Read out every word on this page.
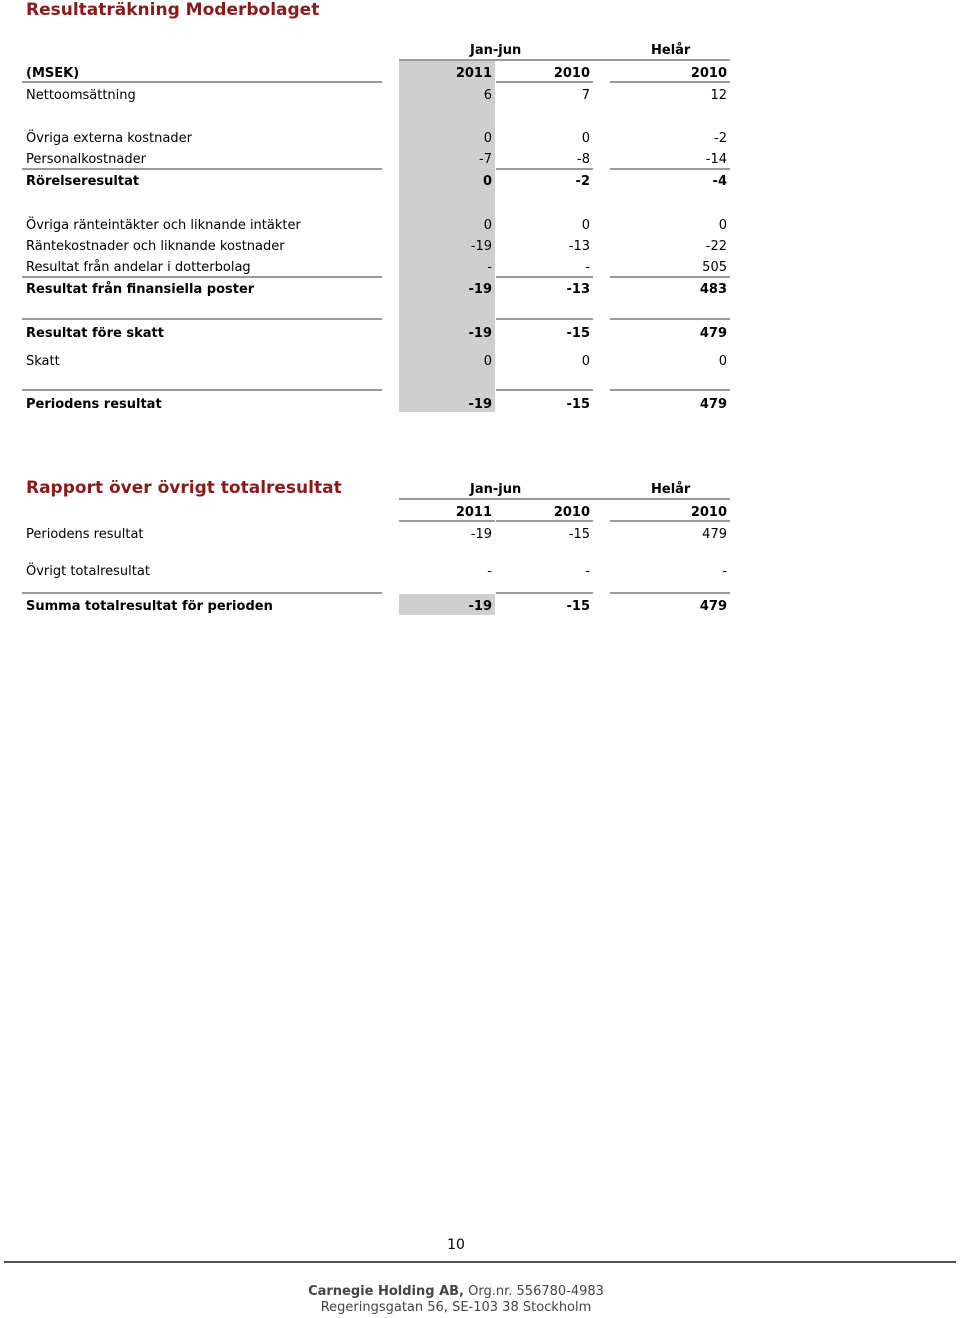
Resultaträkning Moderbolaget
Jan-jun	Helår
(MSEK)	2011	2010	2010
Nettoomsättning	6	7	12
Övriga externa kostnader	0	0	-2
Personalkostnader	-7	-8	-14
Rörelseresultat	0	-2	-4
Övriga ränteintäkter och liknande intäkter	0	0	0
Räntekostnader och liknande kostnader	-19	-13	-22
Resultat från andelar i dotterbolag	-	-	505
Resultat från finansiella poster	-19	-13	483
Resultat före skatt	-19	-15	479
Skatt	0	0	0
Periodens resultat	-19	-15	479
Rapport över övrigt totalresultat	Jan-jun	Helår
2011	2010	2010
Periodens resultat	-19	-15	479
Övrigt totalresultat	-	-	-
Summa totalresultat för perioden	-19	-15	479
10
Carnegie Holding AB, Org.nr. 556780-4983
Regeringsgatan 56, SE-103 38 Stockholm
